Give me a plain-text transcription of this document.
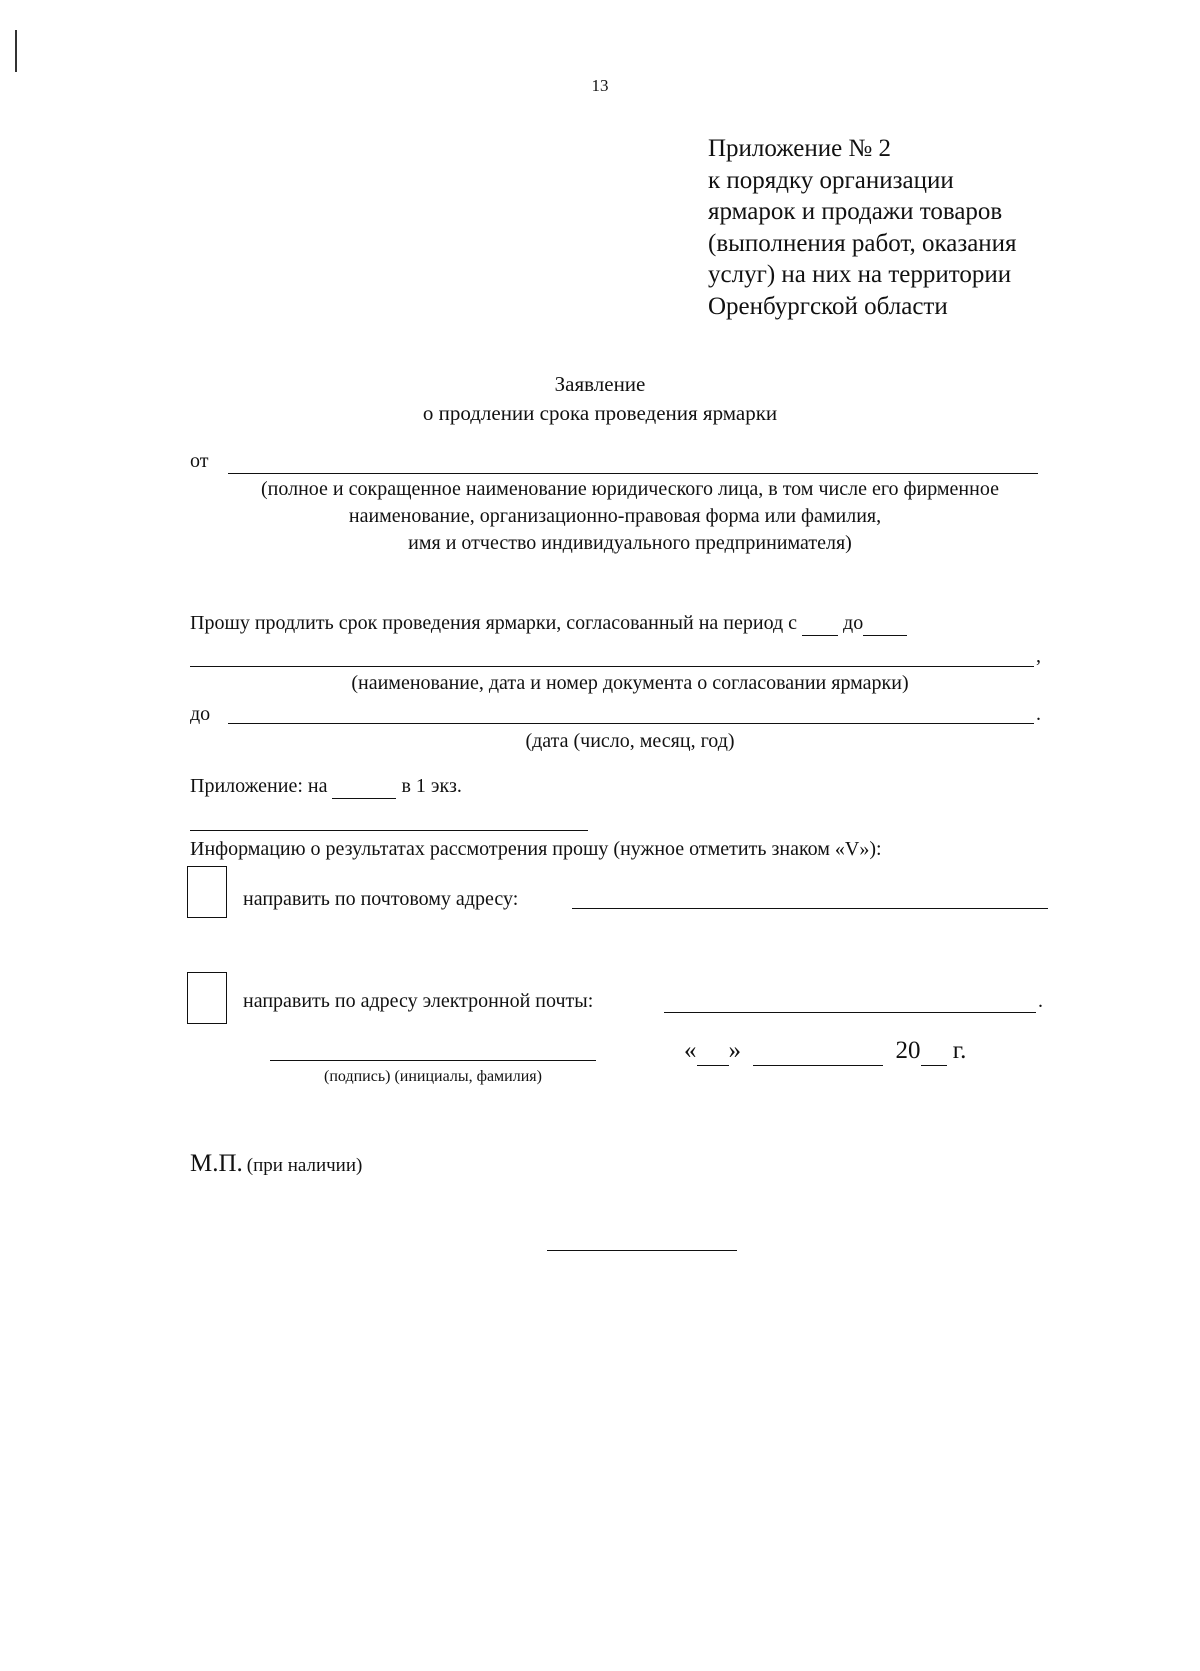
13
Приложение № 2
к порядку организации
ярмарок и продажи товаров
(выполнения работ, оказания
услуг) на них на территории
Оренбургской области
Заявление
о продлении срока проведения ярмарки
от
(полное и сокращенное наименование юридического лица, в том числе его фирменное
наименование, организационно-правовая форма или фамилия,
имя и отчество индивидуального предпринимателя)
Прошу продлить срок проведения ярмарки, согласованный на период с до
,
(наименование, дата и номер документа о согласовании ярмарки)
до	.
(дата (число, месяц, год)
Приложение: на	в 1 экз.
Информацию о результатах рассмотрения прошу (нужное отметить знаком «V»):
направить по почтовому адресу:
направить по адресу электронной почты:	.
(подпись) (инициалы, фамилия)
« »	20 г.
М.П. (при наличии)
